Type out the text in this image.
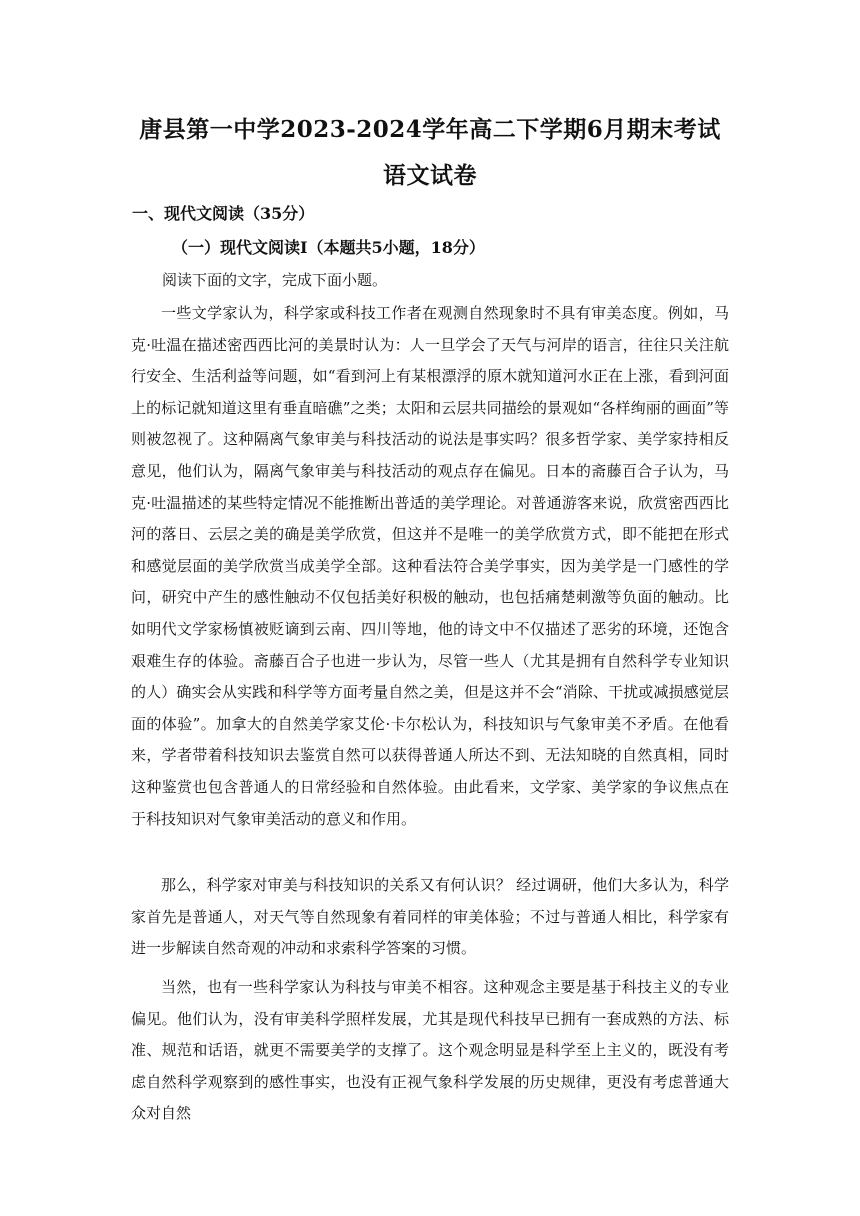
唐县第一中学2023-2024学年高二下学期6月期末考试
语文试卷
一、现代文阅读（35分）
（一）现代文阅读Ⅰ（本题共5小题，18分）
阅读下面的文字，完成下面小题。

一些文学家认为，科学家或科技工作者在观测自然现象时不具有审美态度。例如，马克·吐温在描述密西西比河的美景时认为：人一旦学会了天气与河岸的语言，往往只关注航行安全、生活利益等问题，如“看到河上有某根漂浮的原木就知道河水正在上涨，看到河面上的标记就知道这里有垂直暗礁”之类；太阳和云层共同描绘的景观如“各样绚丽的画面”等则被忽视了。这种隔离气象审美与科技活动的说法是事实吗？很多哲学家、美学家持相反意见，他们认为，隔离气象审美与科技活动的观点存在偏见。日本的斋藤百合子认为，马克·吐温描述的某些特定情况不能推断出普适的美学理论。对普通游客来说，欣赏密西西比河的落日、云层之美的确是美学欣赏，但这并不是唯一的美学欣赏方式，即不能把在形式和感觉层面的美学欣赏当成美学全部。这种看法符合美学事实，因为美学是一门感性的学问，研究中产生的感性触动不仅包括美好积极的触动，也包括痛楚刺激等负面的触动。比如明代文学家杨慎被贬谪到云南、四川等地，他的诗文中不仅描述了恶劣的环境，还饱含艰难生存的体验。斋藤百合子也进一步认为，尽管一些人（尤其是拥有自然科学专业知识的人）确实会从实践和科学等方面考量自然之美，但是这并不会“消除、干扰或减损感觉层面的体验”。加拿大的自然美学家艾伦·卡尔松认为，科技知识与气象审美不矛盾。在他看来，学者带着科技知识去鉴赏自然可以获得普通人所达不到、无法知晓的自然真相，同时这种鉴赏也包含普通人的日常经验和自然体验。由此看来，文学家、美学家的争议焦点在于科技知识对气象审美活动的意义和作用。

那么，科学家对审美与科技知识的关系又有何认识？ 经过调研，他们大多认为，科学家首先是普通人，对天气等自然现象有着同样的审美体验；不过与普通人相比，科学家有进一步解读自然奇观的冲动和求索科学答案的习惯。

当然，也有一些科学家认为科技与审美不相容。这种观念主要是基于科技主义的专业偏见。他们认为，没有审美科学照样发展，尤其是现代科技早已拥有一套成熟的方法、标准、规范和话语，就更不需要美学的支撑了。这个观念明显是科学至上主义的，既没有考虑自然科学观察到的感性事实，也没有正视气象科学发展的历史规律，更没有考虑普通大众对自然
